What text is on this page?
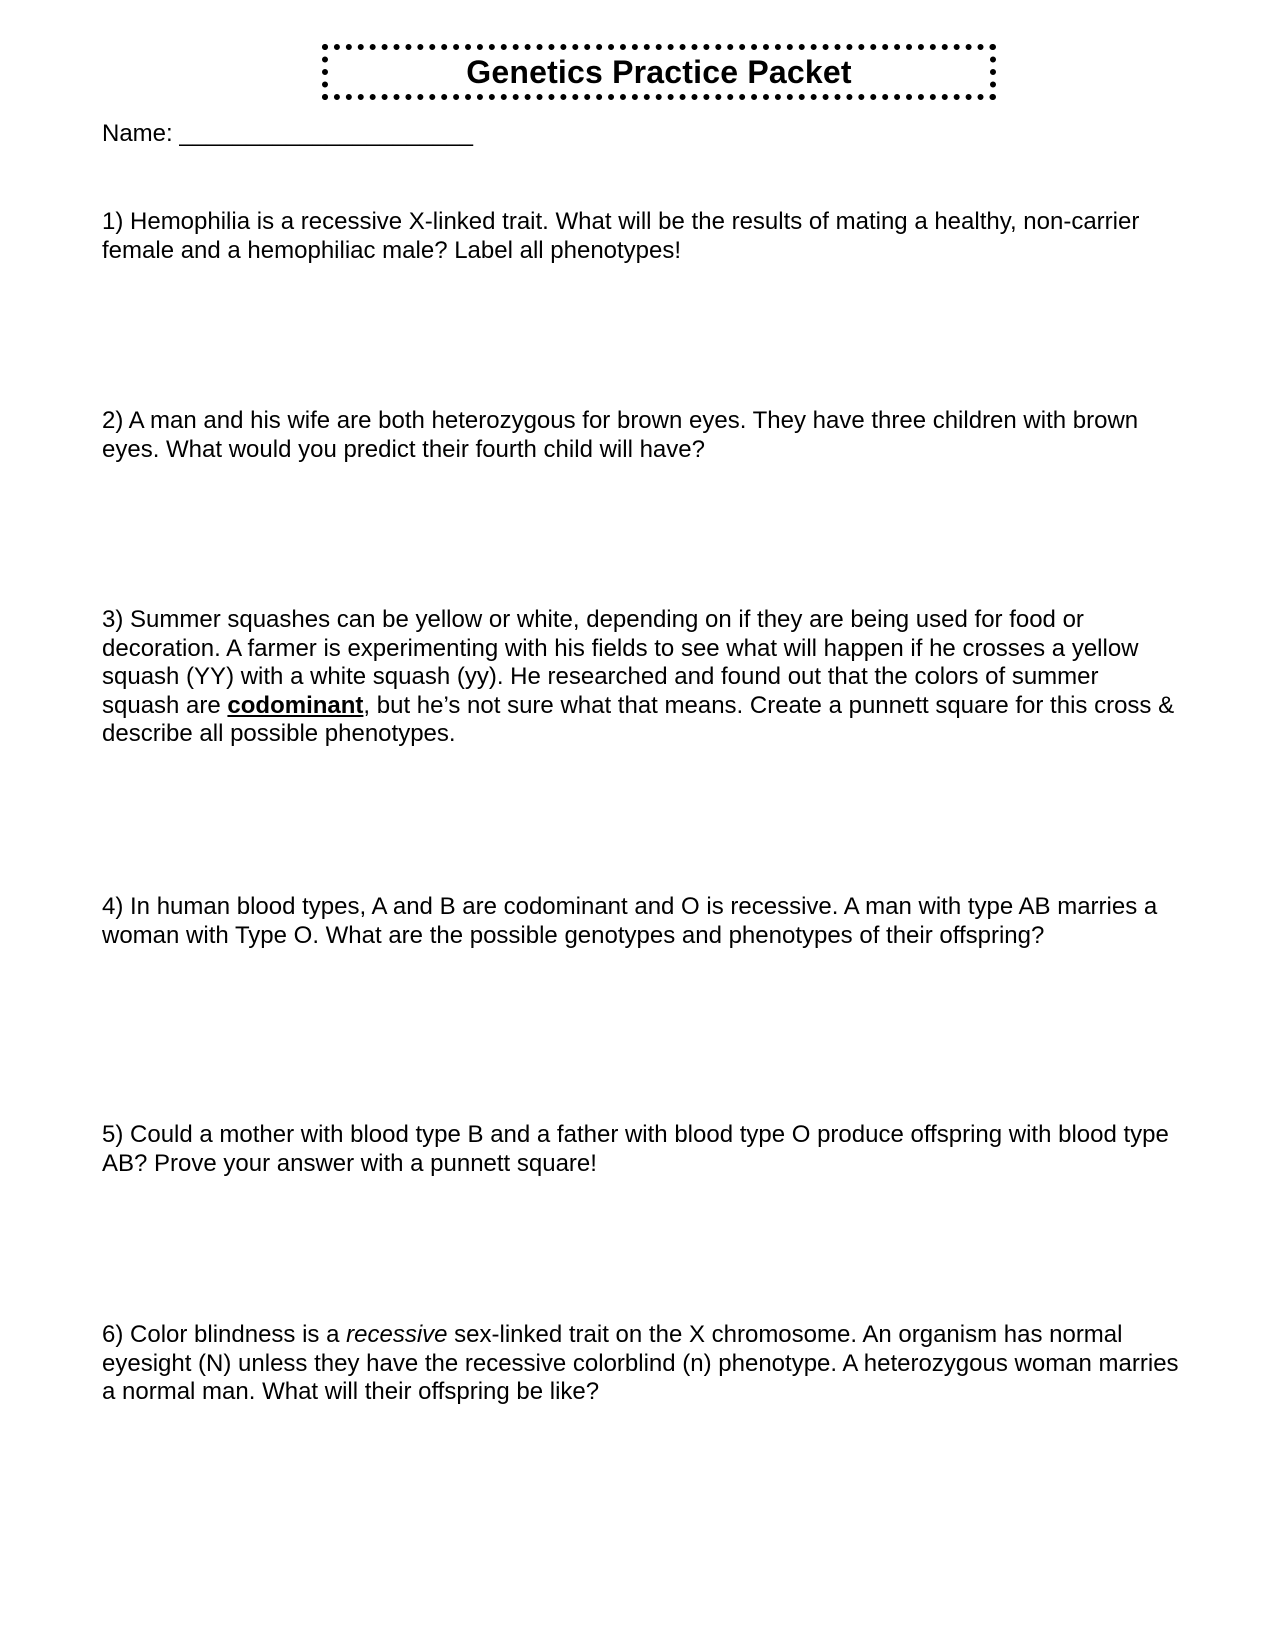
Genetics Practice Packet
Name: ______________________

1) Hemophilia is a recessive X-linked trait. What will be the results of mating a healthy, non-carrier female and a hemophiliac male? Label all phenotypes!

2) A man and his wife are both heterozygous for brown eyes. They have three children with brown eyes. What would you predict their fourth child will have?

3) Summer squashes can be yellow or white, depending on if they are being used for food or decoration. A farmer is experimenting with his fields to see what will happen if he crosses a yellow squash (YY) with a white squash (yy). He researched and found out that the colors of summer squash are codominant, but he’s not sure what that means. Create a punnett square for this cross & describe all possible phenotypes.

4) In human blood types, A and B are codominant and O is recessive. A man with type AB marries a woman with Type O. What are the possible genotypes and phenotypes of their offspring?

5) Could a mother with blood type B and a father with blood type O produce offspring with blood type AB? Prove your answer with a punnett square!

6) Color blindness is a recessive sex-linked trait on the X chromosome. An organism has normal eyesight (N) unless they have the recessive colorblind (n) phenotype. A heterozygous woman marries a normal man. What will their offspring be like?
